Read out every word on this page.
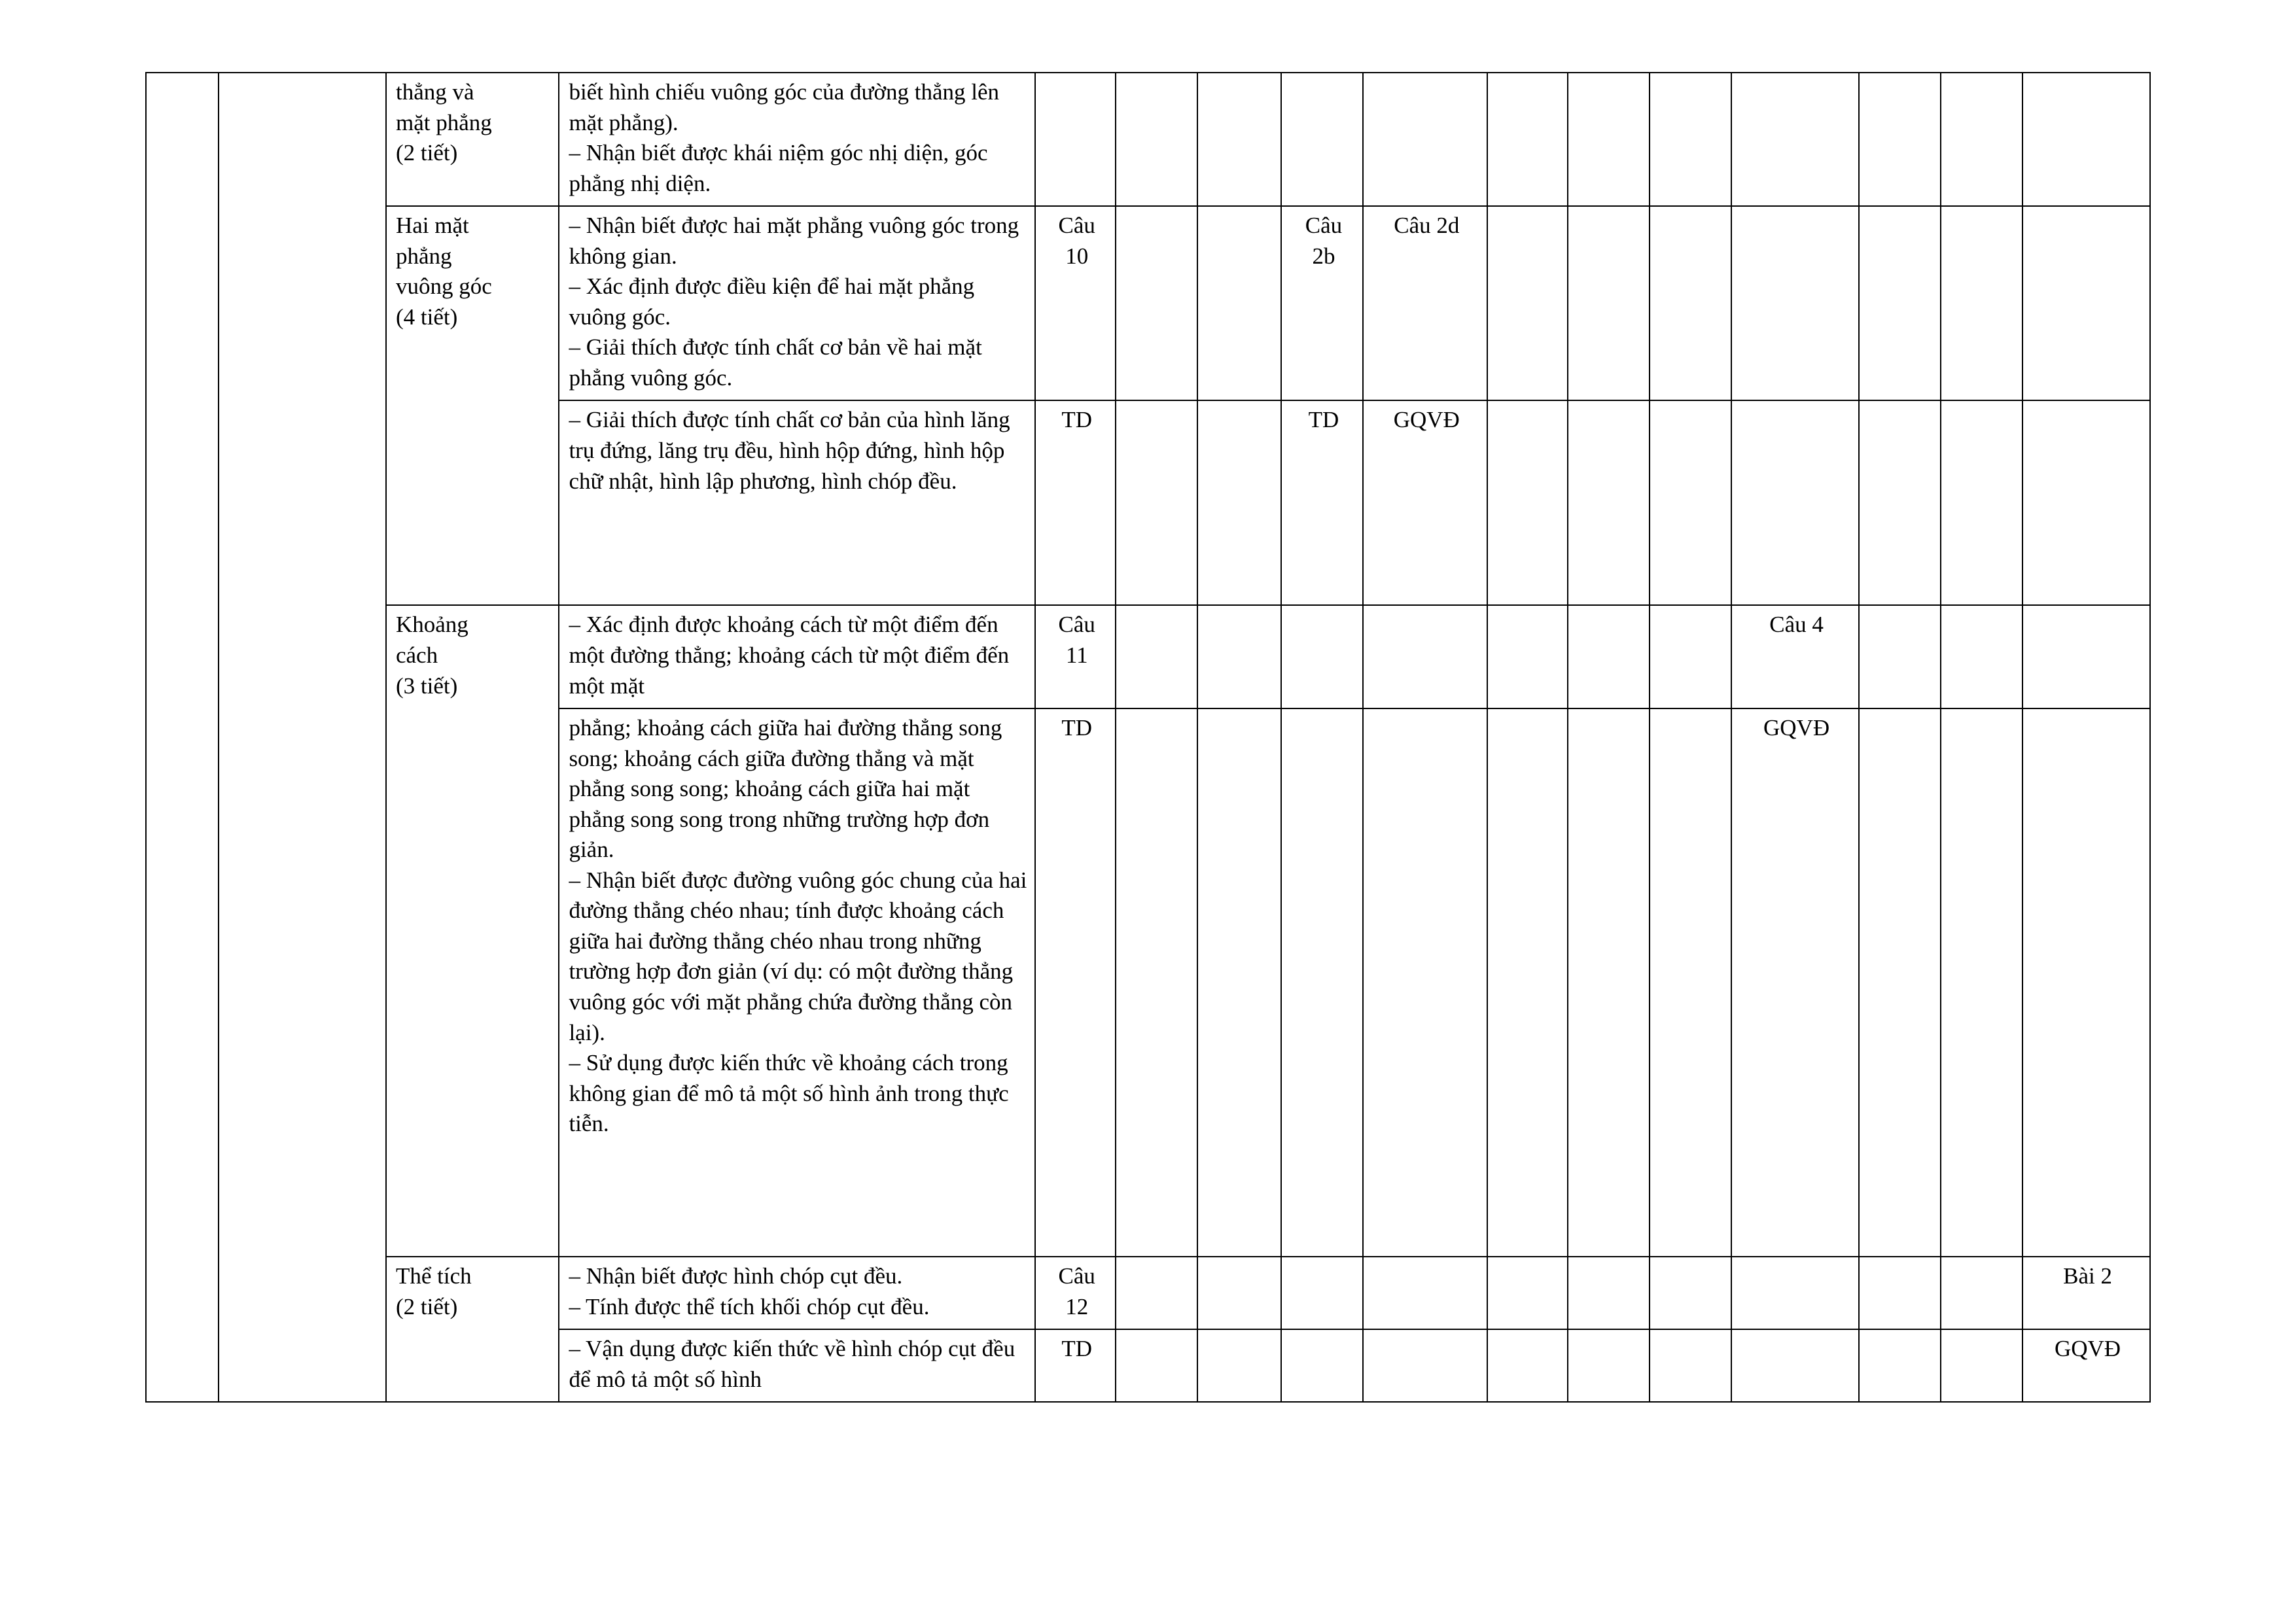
		thẳng và
mặt phẳng
(2 tiết)	biết hình chiếu vuông góc của đường thẳng lên mặt phẳng).
– Nhận biết được khái niệm góc nhị diện, góc phẳng nhị diện.												

		Hai mặt
phẳng
vuông góc
(4 tiết)	– Nhận biết được hai mặt phẳng vuông góc trong không gian.
– Xác định được điều kiện để hai mặt phẳng vuông góc.
– Giải thích được tính chất cơ bản về hai mặt phẳng vuông góc.	Câu 10			Câu 2b	Câu 2d							

			– Giải thích được tính chất cơ bản của hình lăng trụ đứng, lăng trụ đều, hình hộp đứng, hình hộp chữ nhật, hình lập phương, hình chóp đều.	TD			TD	GQVĐ							

		Khoảng
cách
(3 tiết)	– Xác định được khoảng cách từ một điểm đến một đường thẳng; khoảng cách từ một điểm đến một mặt	Câu 11								Câu 4			

			phẳng; khoảng cách giữa hai đường thẳng song song; khoảng cách giữa đường thẳng và mặt phẳng song song; khoảng cách giữa hai mặt phẳng song song trong những trường hợp đơn giản.
– Nhận biết được đường vuông góc chung của hai đường thẳng chéo nhau; tính được khoảng cách giữa hai đường thẳng chéo nhau trong những trường hợp đơn giản (ví dụ: có một đường thẳng vuông góc với mặt phẳng chứa đường thẳng còn lại).
– Sử dụng được kiến thức về khoảng cách trong không gian để mô tả một số hình ảnh trong thực tiễn.	TD								GQVĐ			

		Thể tích
(2 tiết)	– Nhận biết được hình chóp cụt đều.
– Tính được thể tích khối chóp cụt đều.	Câu 12											Bài 2

			– Vận dụng được kiến thức về hình chóp cụt đều để mô tả một số hình	TD											GQVĐ
